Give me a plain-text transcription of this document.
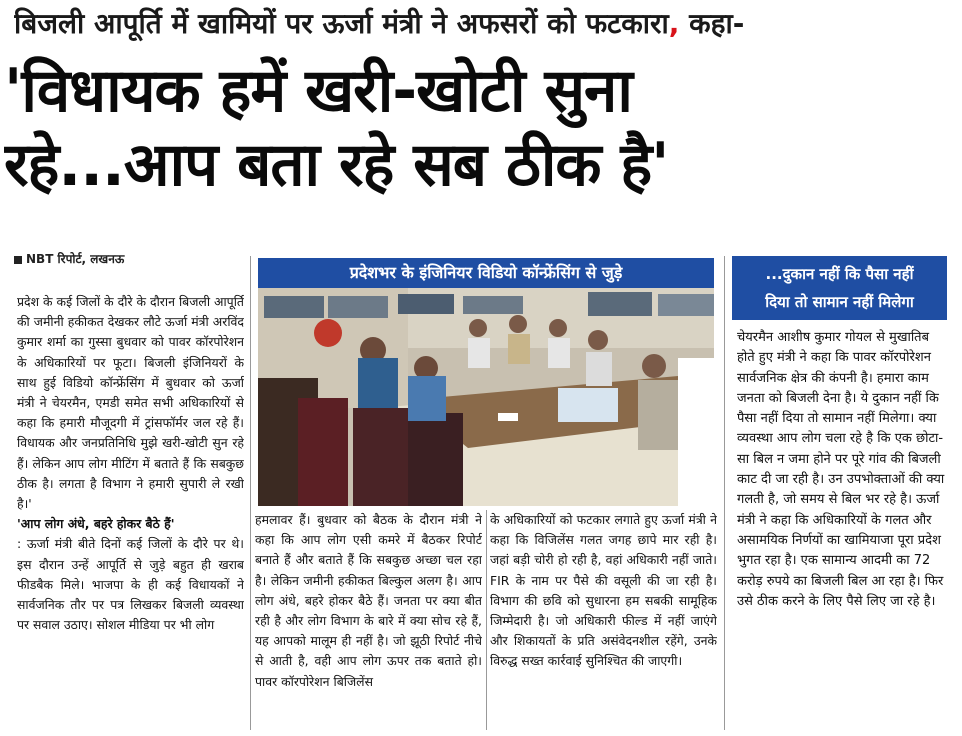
बिजली आपूर्ति में खामियों पर ऊर्जा मंत्री ने अफसरों को फटकारा, कहा-
'विधायक हमें खरी-खोटी सुना
रहे...आप बता रहे सब ठीक है'
NBT रिपोर्ट, लखनऊ

प्रदेश के कई जिलों के दौरे के दौरान बिजली आपूर्ति की जमीनी हकीकत देखकर लौटे ऊर्जा मंत्री अरविंद कुमार शर्मा का गुस्सा बुधवार को पावर कॉरपोरेशन के अधिकारियों पर फूटा। बिजली इंजिनियरों के साथ हुई विडियो कॉन्फ्रेंसिंग में बुधवार को ऊर्जा मंत्री ने चेयरमैन, एमडी समेत सभी अधिकारियों से कहा कि हमारी मौजूदगी में ट्रांसफॉर्मर जल रहे हैं। विधायक और जनप्रतिनिधि मुझे खरी-खोटी सुन रहे हैं। लेकिन आप लोग मीटिंग में बताते हैं कि सबकुछ ठीक है। लगता है विभाग ने हमारी सुपारी ले रखी है।'

'आप लोग अंधे, बहरे होकर बैठे हैं'

: ऊर्जा मंत्री बीते दिनों कई जिलों के दौरे पर थे। इस दौरान उन्हें आपूर्ति से जुड़े बहुत ही खराब फीडबैक मिले। भाजपा के ही कई विधायकों ने सार्वजनिक तौर पर पत्र लिखकर बिजली व्यवस्था पर सवाल उठाए। सोशल मीडिया पर भी लोग

प्रदेशभर के इंजिनियर विडियो कॉन्फ्रेंसिंग से जुड़े

हमलावर हैं। बुधवार को बैठक के दौरान मंत्री ने कहा कि आप लोग एसी कमरे में बैठकर रिपोर्ट बनाते हैं और बताते हैं कि सबकुछ अच्छा चल रहा है। लेकिन जमीनी हकीकत बिल्कुल अलग है। आप लोग अंधे, बहरे होकर बैठे हैं। जनता पर क्या बीत रही है और लोग विभाग के बारे में क्या सोच रहे हैं, यह आपको मालूम ही नहीं है। जो झूठी रिपोर्ट नीचे से आती है, वही आप लोग ऊपर तक बताते हो। पावर कॉरपोरेशन बिजिलेंस

के अधिकारियों को फटकार लगाते हुए ऊर्जा मंत्री ने कहा कि विजिलेंस गलत जगह छापे मार रही है। जहां बड़ी चोरी हो रही है, वहां अधिकारी नहीं जाते। FIR के नाम पर पैसे की वसूली की जा रही है। विभाग की छवि को सुधारना हम सबकी सामूहिक जिम्मेदारी है। जो अधिकारी फील्ड में नहीं जाएंगे और शिकायतों के प्रति असंवेदनशील रहेंगे, उनके विरुद्ध सख्त कार्रवाई सुनिश्चित की जाएगी।

...दुकान नहीं कि पैसा नहीं
दिया तो सामान नहीं मिलेगा

चेयरमैन आशीष कुमार गोयल से मुखातिब होते हुए मंत्री ने कहा कि पावर कॉरपोरेशन सार्वजनिक क्षेत्र की कंपनी है। हमारा काम जनता को बिजली देना है। ये दुकान नहीं कि पैसा नहीं दिया तो सामान नहीं मिलेगा। क्या व्यवस्था आप लोग चला रहे है कि एक छोटा-सा बिल न जमा होने पर पूरे गांव की बिजली काट दी जा रही है। उन उपभोक्ताओं की क्या गलती है, जो समय से बिल भर रहे है। ऊर्जा मंत्री ने कहा कि अधिकारियों के गलत और असामयिक निर्णयों का खामियाजा पूरा प्रदेश भुगत रहा है। एक सामान्य आदमी का 72 करोड़ रुपये का बिजली बिल आ रहा है। फिर उसे ठीक करने के लिए पैसे लिए जा रहे है।
